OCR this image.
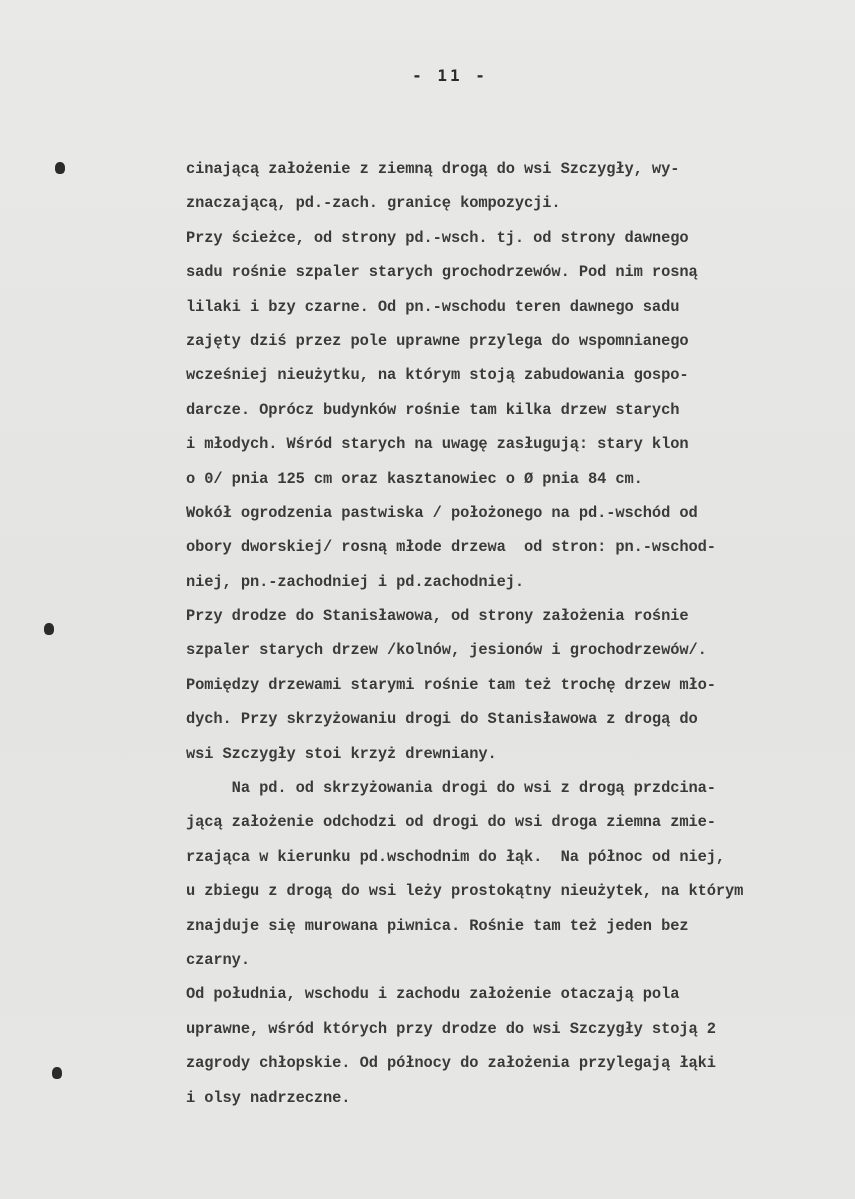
- 11 -
cinającą założenie z ziemną drogą do wsi Szczygły, wy-
znaczającą, pd.-zach. granicę kompozycji.
Przy ścieżce, od strony pd.-wsch. tj. od strony dawnego
sadu rośnie szpaler starych grochodrzewów. Pod nim rosną
lilaki i bzy czarne. Od pn.-wschodu teren dawnego sadu
zajęty dziś przez pole uprawne przylega do wspomnianego
wcześniej nieużytku, na którym stoją zabudowania gospo-
darcze. Oprócz budynków rośnie tam kilka drzew starych
i młodych. Wśród starych na uwagę zasługują: stary klon
o 0/ pnia 125 cm oraz kasztanowiec o Ø pnia 84 cm.
Wokół ogrodzenia pastwiska / położonego na pd.-wschód od
obory dworskiej/ rosną młode drzewa  od stron: pn.-wschod-
niej, pn.-zachodniej i pd.zachodniej.
Przy drodze do Stanisławowa, od strony założenia rośnie
szpaler starych drzew /kolnów, jesionów i grochodrzewów/.
Pomiędzy drzewami starymi rośnie tam też trochę drzew mło-
dych. Przy skrzyżowaniu drogi do Stanisławowa z drogą do
wsi Szczygły stoi krzyż drewniany.
Na pd. od skrzyżowania drogi do wsi z drogą przdcina-
jącą założenie odchodzi od drogi do wsi droga ziemna zmie-
rzająca w kierunku pd.wschodnim do łąk.  Na północ od niej,
u zbiegu z drogą do wsi leży prostokątny nieużytek, na którym
znajduje się murowana piwnica. Rośnie tam też jeden bez
czarny.
Od południa, wschodu i zachodu założenie otaczają pola
uprawne, wśród których przy drodze do wsi Szczygły stoją 2
zagrody chłopskie. Od północy do założenia przylegają łąki
i olsy nadrzeczne.
